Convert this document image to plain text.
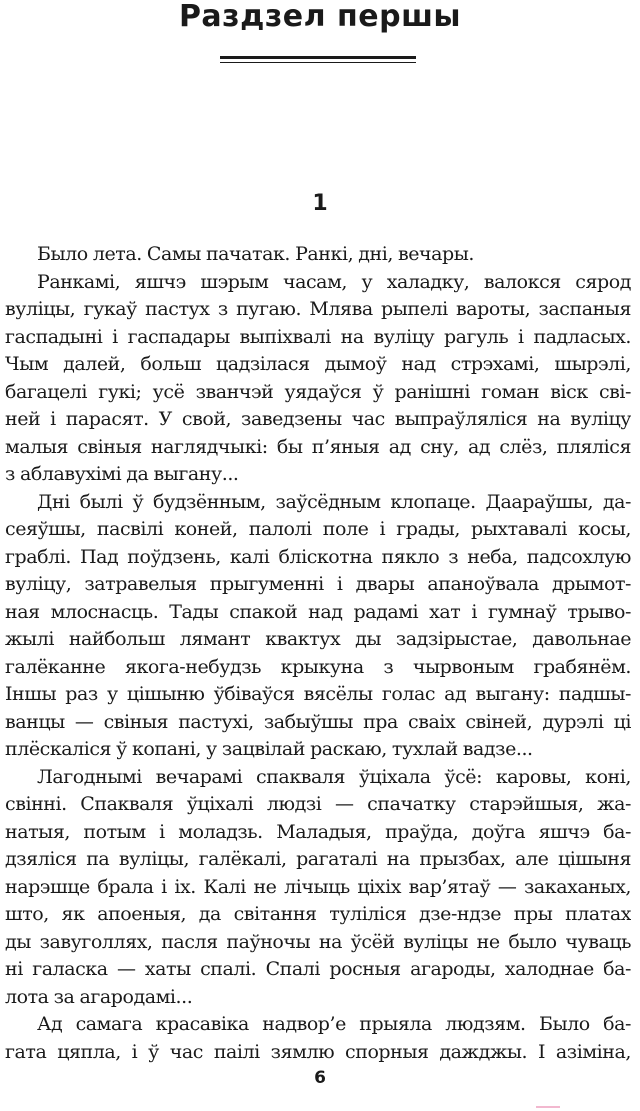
Раздзел першы
1
Было лета. Самы пачатак. Ранкі, дні, вечары.
Ранкамі, яшчэ шэрым часам, у халадку, валокся сярод
вуліцы, гукаў пастух з пугаю. Млява рыпелі вароты, заспаныя
гаспадыні і гаспадары выпіхвалі на вуліцу рагуль і падласых.
Чым далей, больш цадзілася дымоў над стрэхамі, шырэлі,
багацелі гукі; усё званчэй уядаўся ў ранішні гоман віск сві-
ней і парасят. У свой, заведзены час выпраўляліся на вуліцу
малыя свіныя наглядчыкі: бы п’яныя ад сну, ад слёз, пляліся
з аблавухімі да выгану...
Дні былі ў будзённым, заўсёдным клопаце. Даараўшы, да-
сеяўшы, пасвілі коней, палолі поле і грады, рыхтавалі косы,
граблі. Пад поўдзень, калі бліскотна пякло з неба, падсохлую
вуліцу, затравелыя прыгуменні і двары апаноўвала дрымот-
ная млоснасць. Тады спакой над радамі хат і гумнаў трыво-
жылі найбольш лямант квактух ды задзірыстае, давольнае
галёканне якога-небудзь крыкуна з чырвоным грабянём.
Іншы раз у цішыню ўбіваўся вясёлы голас ад выгану: падшы-
ванцы — свіныя пастухі, забыўшы пра сваіх свіней, дурэлі ці
плёскаліся ў копані, у зацвілай раскаю, тухлай вадзе...
Лагоднымі вечарамі спакваля ўціхала ўсё: каровы, коні,
свінні. Спакваля ўціхалі людзі — спачатку старэйшыя, жа-
натыя, потым і моладзь. Маладыя, праўда, доўга яшчэ ба-
дзяліся па вуліцы, галёкалі, рагаталі на прызбах, але цішыня
нарэшце брала і іх. Калі не лічыць ціхіх вар’ятаў — закаханых,
што, як апоеныя, да світання туліліся дзе-ндзе пры платах
ды завуголлях, пасля паўночы на ўсёй вуліцы не было чуваць
ні галаска — хаты спалі. Спалі росныя агароды, халоднае ба-
лота за агародамі...
Ад самага красавіка надвор’е прыяла людзям. Было ба-
гата цяпла, і ў час паілі зямлю спорныя дажджы. І азіміна,
6
